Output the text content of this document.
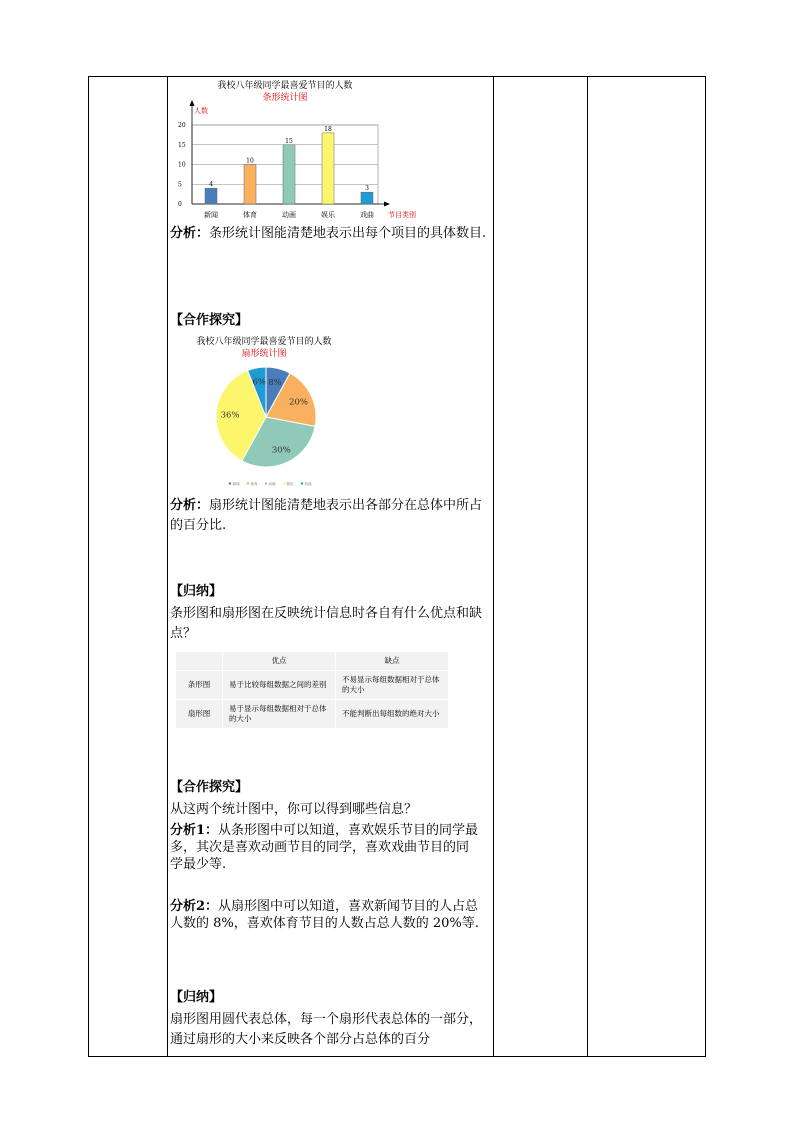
我校八年级同学最喜爱节目的人数
条形统计图
人数
节目类别
0
5
10
15
20
4
新闻
10
体育
15
动画
18
娱乐
3
戏曲
分析：条形统计图能清楚地表示出每个项目的具体数目.
【合作探究】
我校八年级同学最喜爱节目的人数
扇形统计图
8%
20%
30%
36%
6%
新闻	体育	动画	娱乐	戏曲
分析：扇形统计图能清楚地表示出各部分在总体中所占的百分比.
【归纳】
条形图和扇形图在反映统计信息时各自有什么优点和缺点？
	优点	缺点
条形图	易于比较每组数据之间的差别	不易显示每组数据相对于总体的大小
扇形图	易于显示每组数据相对于总体的大小	不能判断出每组数的绝对大小
【合作探究】
从这两个统计图中，你可以得到哪些信息？
分析1：从条形图中可以知道，喜欢娱乐节目的同学最多，其次是喜欢动画节目的同学，喜欢戏曲节目的同
学最少等.
分析2：从扇形图中可以知道，喜欢新闻节目的人占总人数的 8%，喜欢体育节目的人数占总人数的 20%等.
【归纳】
扇形图用圆代表总体，每一个扇形代表总体的一部分，通过扇形的大小来反映各个部分占总体的百分
